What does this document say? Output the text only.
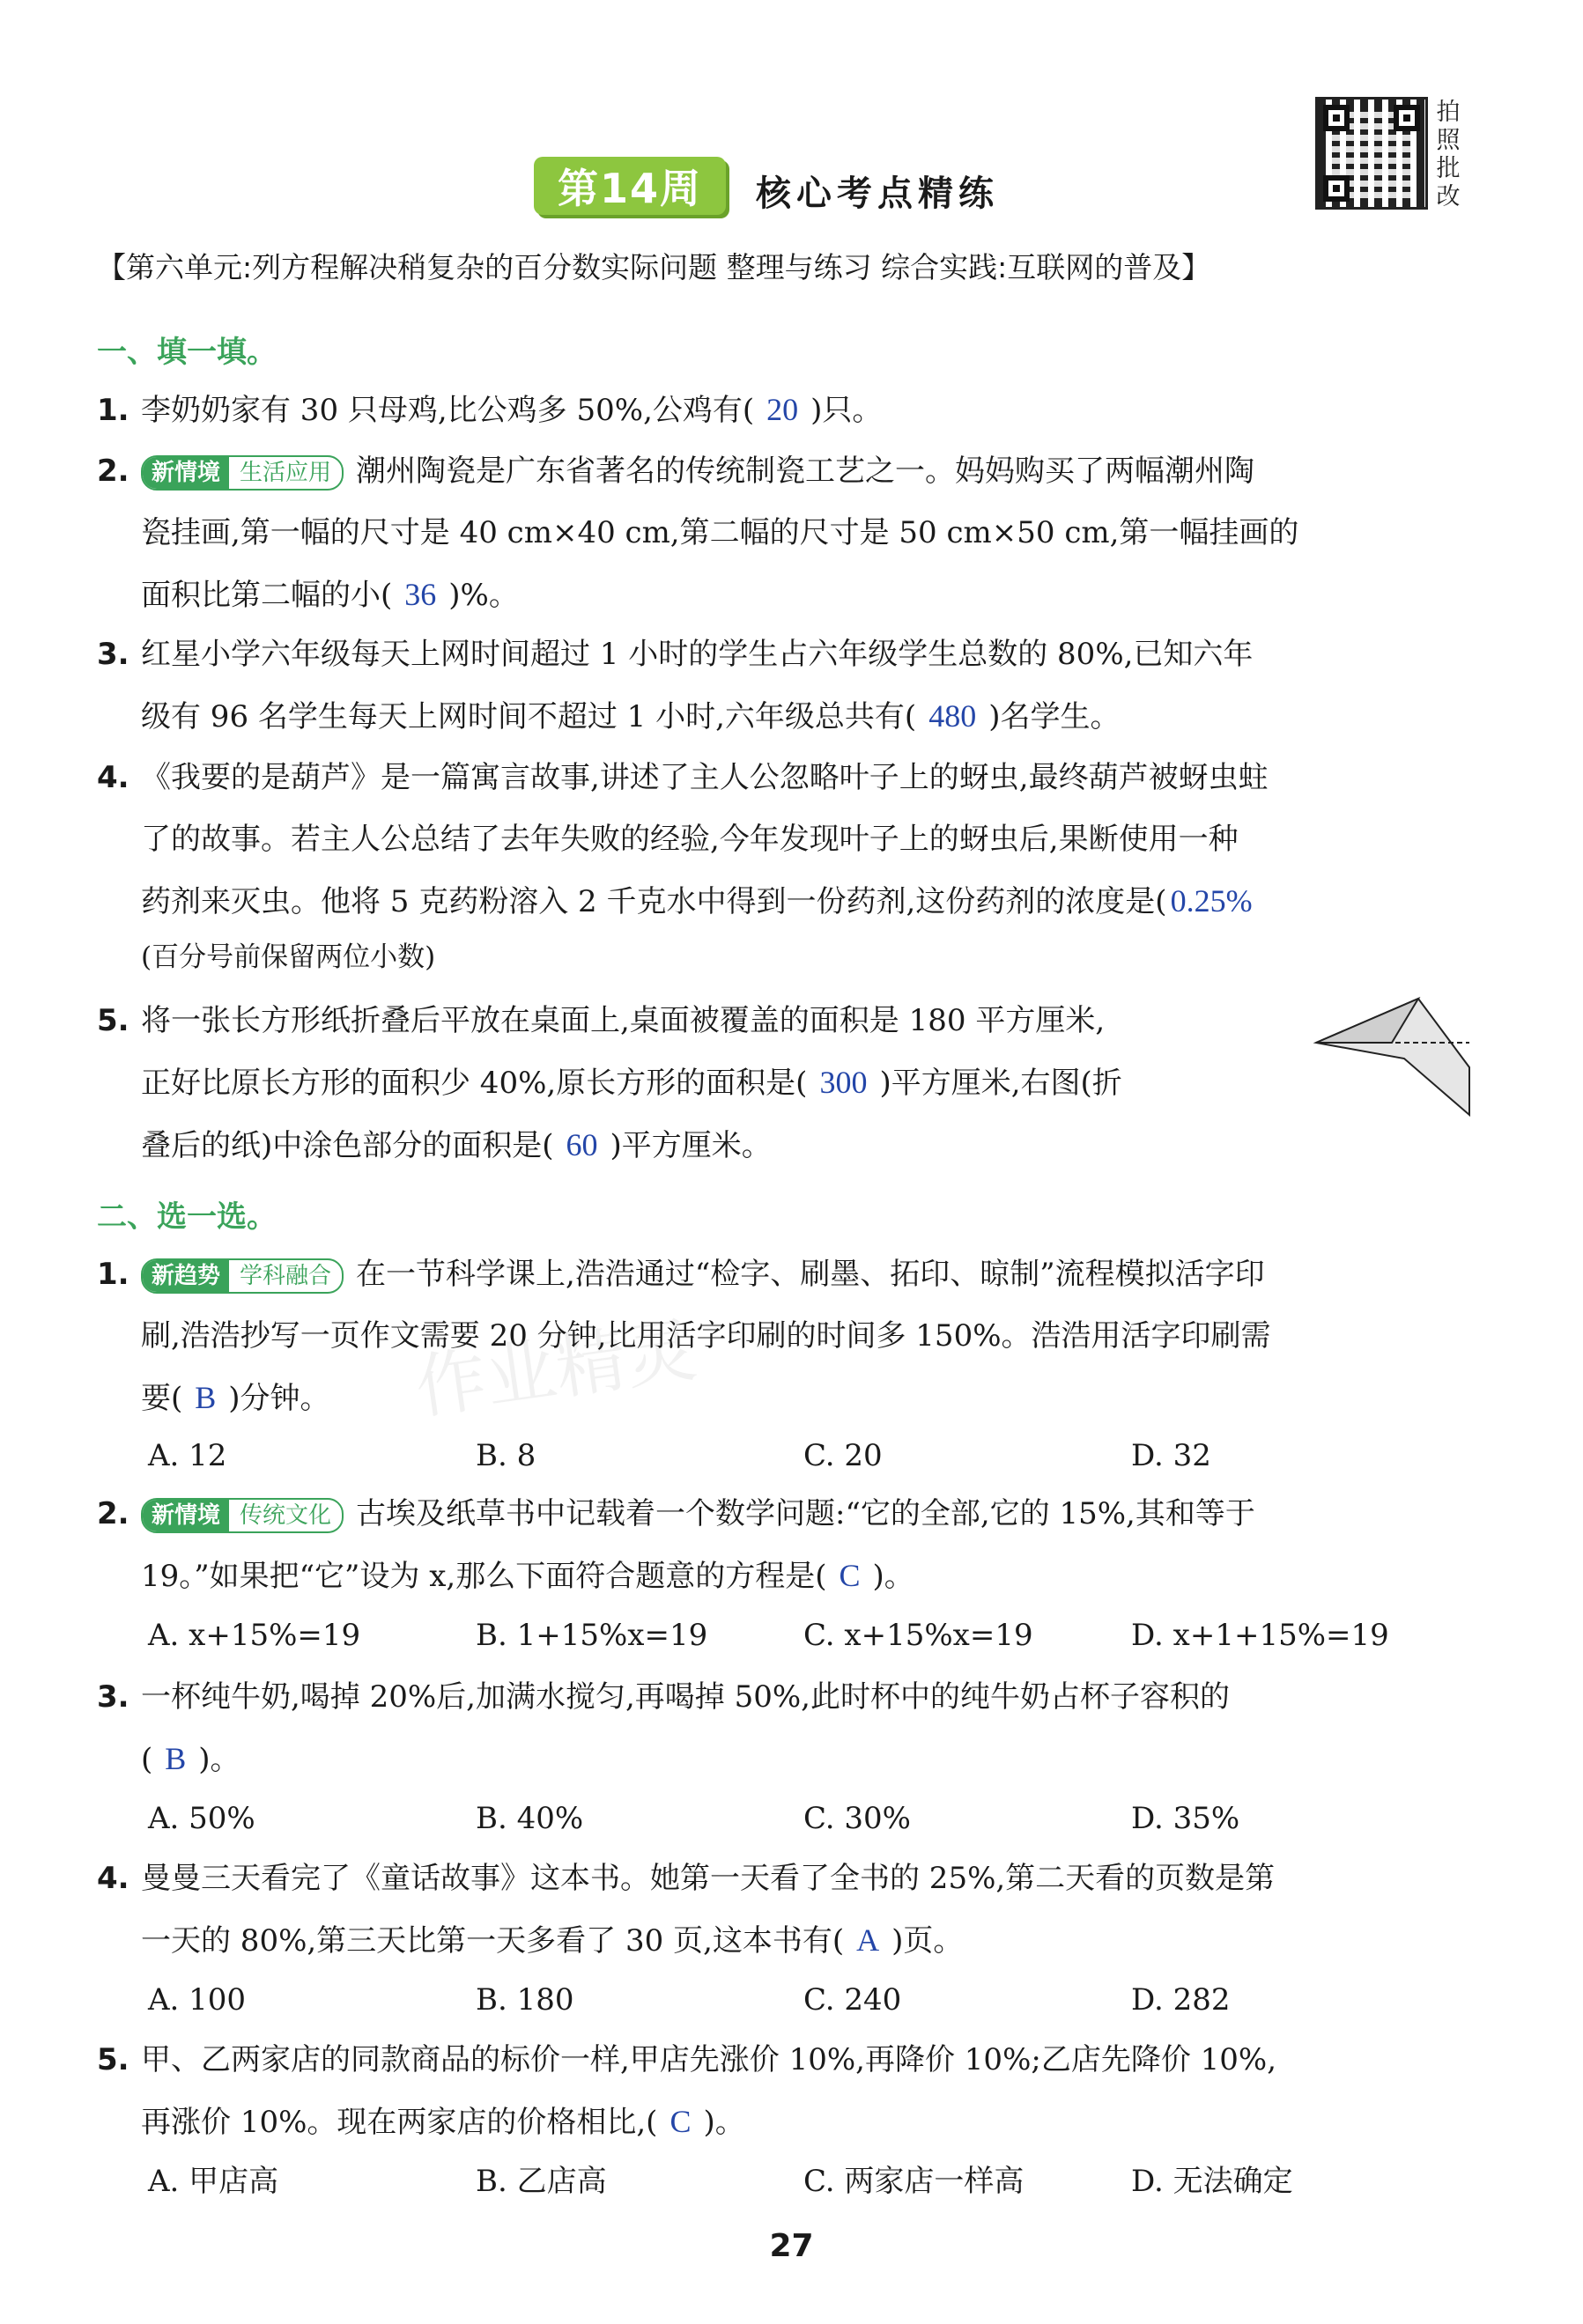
拍
照
批
改
第14周	核心考点精练
【第六单元:列方程解决稍复杂的百分数实际问题 整理与练习 综合实践:互联网的普及】
一、填一填。
1. 李奶奶家有 30 只母鸡,比公鸡多 50%,公鸡有( 20 )只。
2. 新情境 生活应用 潮州陶瓷是广东省著名的传统制瓷工艺之一。妈妈购买了两幅潮州陶
瓷挂画,第一幅的尺寸是 40 cm×40 cm,第二幅的尺寸是 50 cm×50 cm,第一幅挂画的
面积比第二幅的小( 36 )%。
3. 红星小学六年级每天上网时间超过 1 小时的学生占六年级学生总数的 80%,已知六年
级有 96 名学生每天上网时间不超过 1 小时,六年级总共有( 480 )名学生。
4. 《我要的是葫芦》是一篇寓言故事,讲述了主人公忽略叶子上的蚜虫,最终葫芦被蚜虫蛀
了的故事。若主人公总结了去年失败的经验,今年发现叶子上的蚜虫后,果断使用一种
药剂来灭虫。他将 5 克药粉溶入 2 千克水中得到一份药剂,这份药剂的浓度是( 0.25%
(百分号前保留两位小数)
5. 将一张长方形纸折叠后平放在桌面上,桌面被覆盖的面积是 180 平方厘米,
正好比原长方形的面积少 40%,原长方形的面积是( 300 )平方厘米,右图(折
叠后的纸)中涂色部分的面积是( 60 )平方厘米。
二、选一选。
1. 新趋势 学科融合 在一节科学课上,浩浩通过“检字、刷墨、拓印、晾制”流程模拟活字印
刷,浩浩抄写一页作文需要 20 分钟,比用活字印刷的时间多 150%。浩浩用活字印刷需
要( B )分钟。
A. 12	B. 8	C. 20	D. 32
2. 新情境 传统文化 古埃及纸草书中记载着一个数学问题:“它的全部,它的 15%,其和等于
19。”如果把“它”设为 x,那么下面符合题意的方程是( C )。
A. x+15%=19	B. 1+15%x=19	C. x+15%x=19	D. x+1+15%=19
3. 一杯纯牛奶,喝掉 20%后,加满水搅匀,再喝掉 50%,此时杯中的纯牛奶占杯子容积的
( B )。
A. 50%	B. 40%	C. 30%	D. 35%
4. 曼曼三天看完了《童话故事》这本书。她第一天看了全书的 25%,第二天看的页数是第
一天的 80%,第三天比第一天多看了 30 页,这本书有( A )页。
A. 100	B. 180	C. 240	D. 282
5. 甲、乙两家店的同款商品的标价一样,甲店先涨价 10%,再降价 10%;乙店先降价 10%,
再涨价 10%。现在两家店的价格相比,( C )。
A. 甲店高	B. 乙店高	C. 两家店一样高	D. 无法确定
作业精灵
27
